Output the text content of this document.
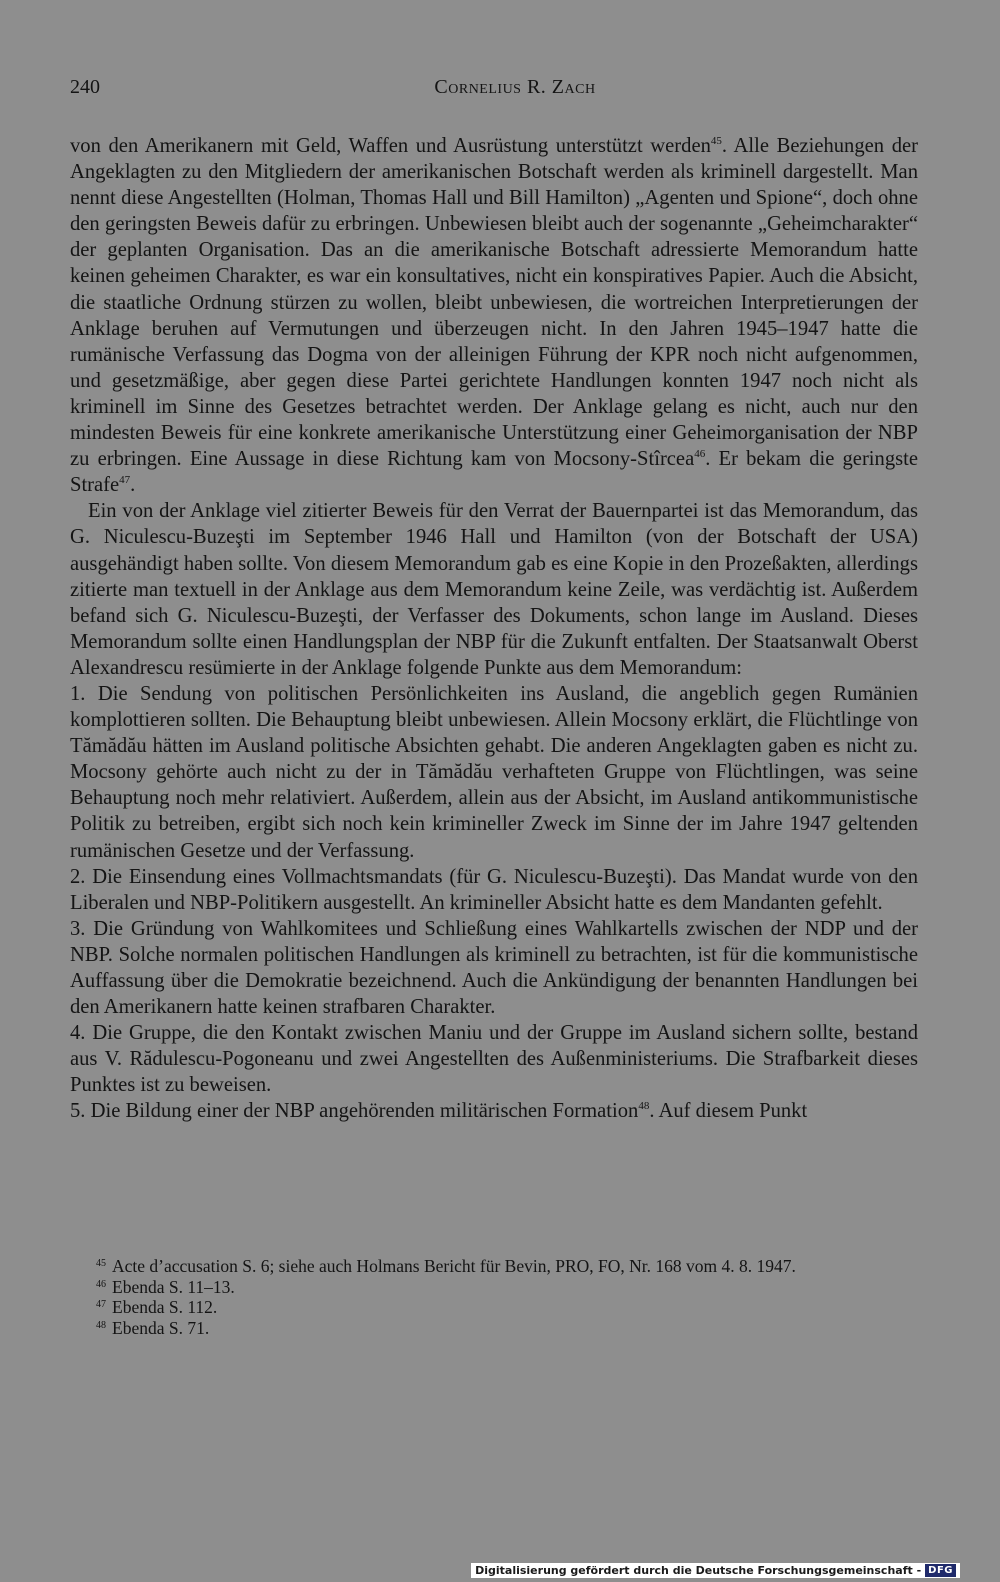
240	Cornelius R. Zach

von den Amerikanern mit Geld, Waffen und Ausrüstung unterstützt werden$^{45}$. Alle Beziehungen der Angeklagten zu den Mitgliedern der amerikanischen Botschaft werden als kriminell dargestellt. Man nennt diese Angestellten (Holman, Thomas Hall und Bill Hamilton) „Agenten und Spione“, doch ohne den geringsten Beweis dafür zu erbringen. Unbewiesen bleibt auch der sogenannte „Geheimcharakter“ der geplanten Organisation. Das an die amerikanische Botschaft adressierte Memorandum hatte keinen geheimen Charakter, es war ein konsultatives, nicht ein konspiratives Papier. Auch die Absicht, die staatliche Ordnung stürzen zu wollen, bleibt unbewiesen, die wortreichen Interpretierungen der Anklage beruhen auf Vermutungen und überzeugen nicht. In den Jahren 1945–1947 hatte die rumänische Verfassung das Dogma von der alleinigen Führung der KPR noch nicht aufgenommen, und gesetzmäßige, aber gegen diese Partei gerichtete Handlungen konnten 1947 noch nicht als kriminell im Sinne des Gesetzes betrachtet werden. Der Anklage gelang es nicht, auch nur den mindesten Beweis für eine konkrete amerikanische Unterstützung einer Geheimorganisation der NBP zu erbringen. Eine Aussage in diese Richtung kam von Mocsony-Stîrcea$^{46}$. Er bekam die geringste Strafe$^{47}$.

Ein von der Anklage viel zitierter Beweis für den Verrat der Bauernpartei ist das Memorandum, das G. Niculescu-Buzeşti im September 1946 Hall und Hamilton (von der Botschaft der USA) ausgehändigt haben sollte. Von diesem Memorandum gab es eine Kopie in den Prozeßakten, allerdings zitierte man textuell in der Anklage aus dem Memorandum keine Zeile, was verdächtig ist. Außerdem befand sich G. Niculescu-Buzeşti, der Verfasser des Dokuments, schon lange im Ausland. Dieses Memorandum sollte einen Handlungsplan der NBP für die Zukunft entfalten. Der Staatsanwalt Oberst Alexandrescu resümierte in der Anklage folgende Punkte aus dem Memorandum:

1. Die Sendung von politischen Persönlichkeiten ins Ausland, die angeblich gegen Rumänien komplottieren sollten. Die Behauptung bleibt unbewiesen. Allein Mocsony erklärt, die Flüchtlinge von Tămădău hätten im Ausland politische Absichten gehabt. Die anderen Angeklagten gaben es nicht zu. Mocsony gehörte auch nicht zu der in Tămădău verhafteten Gruppe von Flüchtlingen, was seine Behauptung noch mehr relativiert. Außerdem, allein aus der Absicht, im Ausland antikommunistische Politik zu betreiben, ergibt sich noch kein krimineller Zweck im Sinne der im Jahre 1947 geltenden rumänischen Gesetze und der Verfassung.

2. Die Einsendung eines Vollmachtsmandats (für G. Niculescu-Buzeşti). Das Mandat wurde von den Liberalen und NBP-Politikern ausgestellt. An krimineller Absicht hatte es dem Mandanten gefehlt.

3. Die Gründung von Wahlkomitees und Schließung eines Wahlkartells zwischen der NDP und der NBP. Solche normalen politischen Handlungen als kriminell zu betrachten, ist für die kommunistische Auffassung über die Demokratie bezeichnend. Auch die Ankündigung der benannten Handlungen bei den Amerikanern hatte keinen strafbaren Charakter.

4. Die Gruppe, die den Kontakt zwischen Maniu und der Gruppe im Ausland sichern sollte, bestand aus V. Rădulescu-Pogoneanu und zwei Angestellten des Außenministeriums. Die Strafbarkeit dieses Punktes ist zu beweisen.

5. Die Bildung einer der NBP angehörenden militärischen Formation$^{48}$. Auf diesem Punkt

$^{45}$ Acte d’accusation S. 6; siehe auch Holmans Bericht für Bevin, PRO, FO, Nr. 168 vom 4. 8. 1947.

$^{46}$ Ebenda S. 11–13.

$^{47}$ Ebenda S. 112.

$^{48}$ Ebenda S. 71.

Digitalisierung gefördert durch die Deutsche Forschungsgemeinschaft - DFG
